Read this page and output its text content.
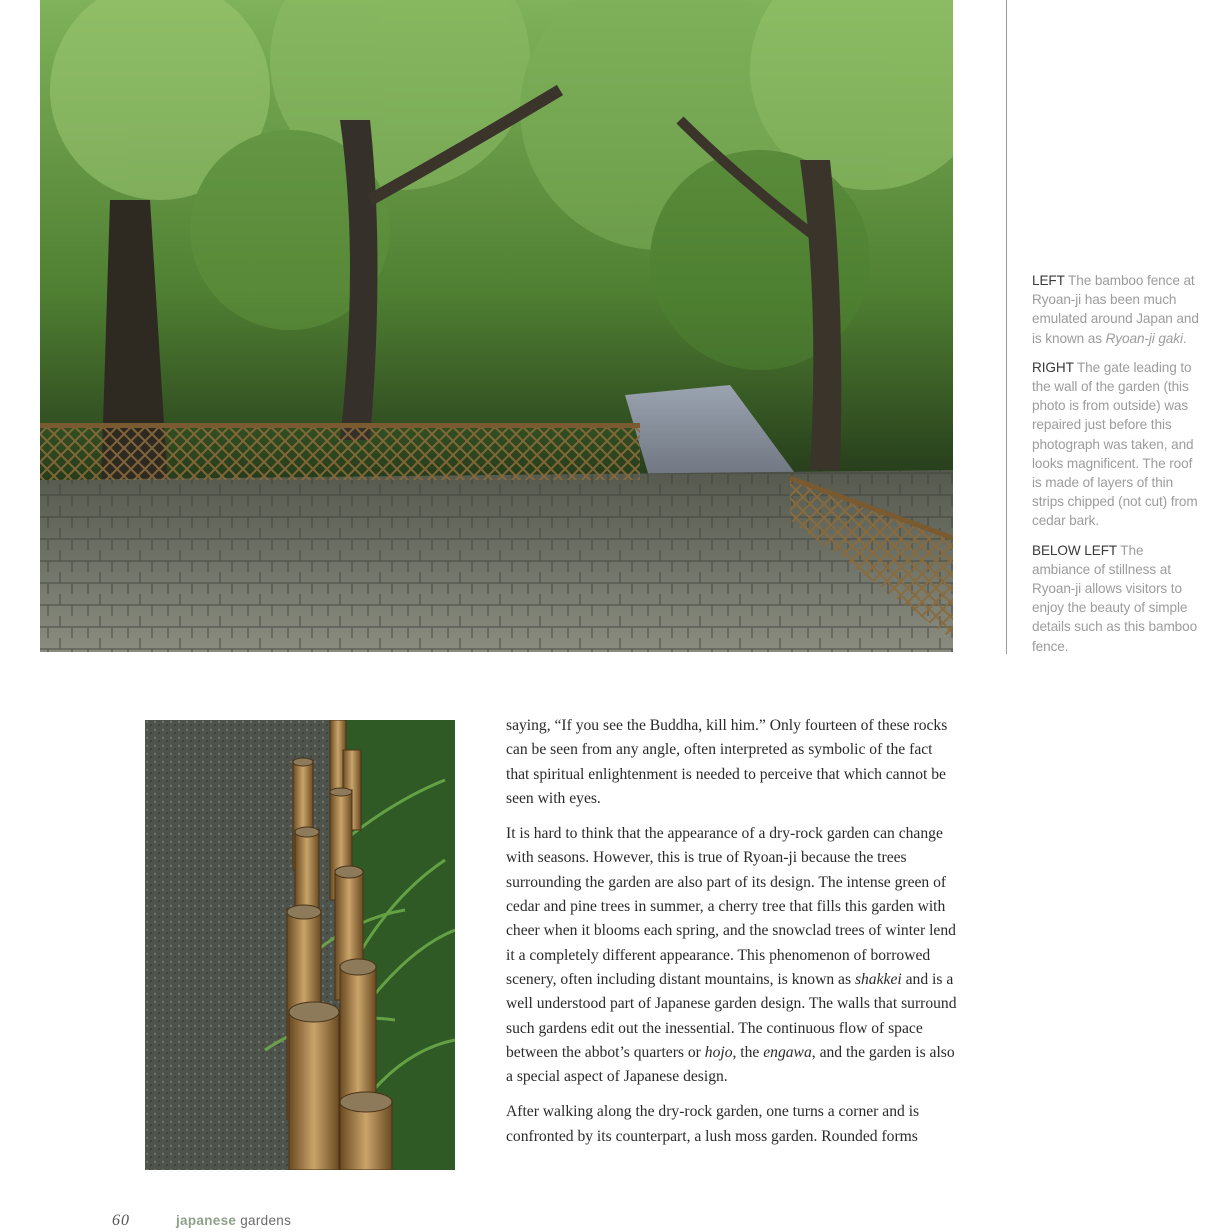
LEFT The bamboo fence at Ryoan-ji has been much emulated around Japan and is known as Ryoan-ji gaki.

RIGHT The gate leading to the wall of the garden (this photo is from outside) was repaired just before this photograph was taken, and looks magnificent. The roof is made of layers of thin strips chipped (not cut) from cedar bark.

BELOW LEFT The ambiance of stillness at Ryoan-ji allows visitors to enjoy the beauty of simple details such as this bamboo fence.

saying, “If you see the Buddha, kill him.” Only fourteen of these rocks can be seen from any angle, often interpreted as symbolic of the fact that spiritual enlightenment is needed to perceive that which cannot be seen with eyes.

It is hard to think that the appearance of a dry-rock garden can change with seasons. However, this is true of Ryoan-ji because the trees surrounding the garden are also part of its design. The intense green of cedar and pine trees in summer, a cherry tree that fills this garden with cheer when it blooms each spring, and the snowclad trees of winter lend it a completely different appearance. This phenomenon of borrowed scenery, often including distant mountains, is known as shakkei and is a well understood part of Japanese garden design. The walls that surround such gardens edit out the inessential. The continuous flow of space between the abbot’s quarters or hojo, the engawa, and the garden is also a special aspect of Japanese design.

After walking along the dry-rock garden, one turns a corner and is confronted by its counterpart, a lush moss garden. Rounded forms

60	japanese gardens
